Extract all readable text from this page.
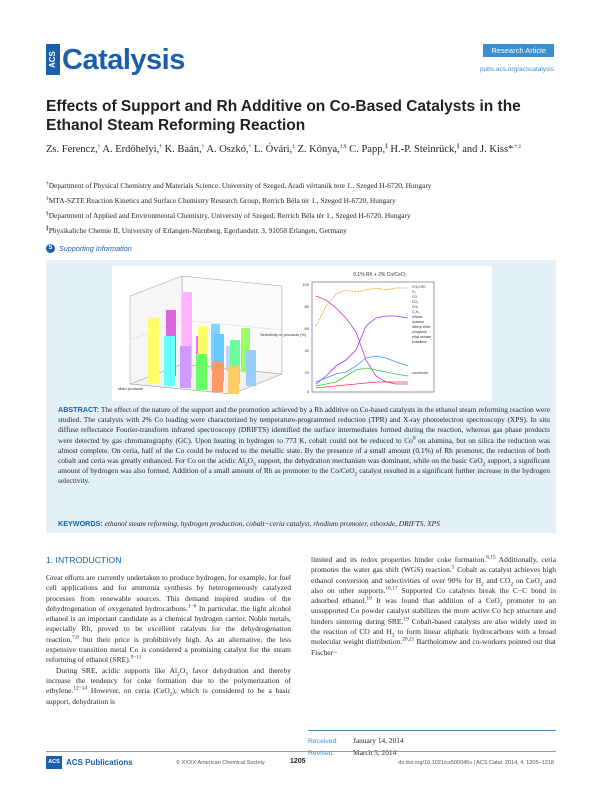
ACS Catalysis	Research Article
pubs.acs.org/acscatalysis
Effects of Support and Rh Additive on Co-Based Catalysts in the Ethanol Steam Reforming Reaction
Zs. Ferencz,† A. Erdőhelyi,† K. Baán,† A. Oszkó,† L. Óvári,‡ Z. Kónya,‡,§ C. Papp,∥ H.-P. Steinrück,∥ and J. Kiss*,†,‡
†Department of Physical Chemistry and Materials Science, University of Szeged, Aradi vértanúk tere 1., Szeged H-6720, Hungary
‡MTA-SZTE Reaction Kinetics and Surface Chemistry Research Group, Rerrich Béla tér 1., Szeged H-6720, Hungary
§Department of Applied and Environmental Chemistry, University of Szeged, Rerrich Béla tér 1., Szeged H-6720, Hungary
∥Physikaliche Chemie II, University of Erlangen-Nürnberg, Egerlandstr. 3, 91058 Erlangen, Germany
S Supporting Information
Selectivity of products (%)
Main products
0.1% Rh + 2% Co/CeO₂
100
80
60
40
20
0
CH₃CHO
H₂
CO
CO₂
CH₄
C₂H₄
ethane
acetone
diethyl ether
propylene
ethyl acetate
butadiene
conversion
ABSTRACT: The effect of the nature of the support and the promotion achieved by a Rh additive on Co-based catalysts in the ethanol steam reforming reaction were studied. The catalysts with 2% Co loading were characterized by temperature-programmed reduction (TPR) and X-ray photoelectron spectroscopy (XPS). In situ diffuse reflectance Fourier-transform infrared spectroscopy (DRIFTS) identified the surface intermediates formed during the reaction, whereas gas phase products were detected by gas chromatography (GC). Upon heating in hydrogen to 773 K, cobalt could not be reduced to Co$^0$ on alumina, but on silica the reduction was almost complete. On ceria, half of the Co could be reduced to the metallic state. By the presence of a small amount (0.1%) of Rh promoter, the reduction of both cobalt and ceria was greatly enhanced. For Co on the acidic $Al_2O_3$ support, the dehydration mechanism was dominant, while on the basic CeO$_2$ support, a significant amount of hydrogen was also formed. Addition of a small amount of Rh as promoter to the Co/CeO$_2$ catalyst resulted in a significant further increase in the hydrogen selectivity.
KEYWORDS: ethanol steam reforming, hydrogen production, cobalt−ceria catalyst, rhodium promoter, ethoxide, DRIFTS, XPS
1. INTRODUCTION

Great efforts are currently undertaken to produce hydrogen, for example, for fuel cell applications and for ammonia synthesis by heterogeneously catalyzed processes from renewable sources. This demand inspired studies of the dehydrogenation of oxygenated hydrocarbons.$^{1-6}$ In particular, the light alcohol ethanol is an important candidate as a chemical hydrogen carrier. Noble metals, especially Rh, proved to be excellent catalysts for the dehydrogenation reaction,$^{7,8}$ but their price is prohibitively high. As an alternative, the less expensive transition metal Co is considered a promising catalyst for the steam reforming of ethanol (SRE).$^{9-11}$

During SRE, acidic supports like $Al_2O_3$ favor dehydration and thereby increase the tendency for coke formation due to the polymerization of ethylene.$^{12-14}$ However, on ceria (CeO$_2$), which is considered to be a basic support, dehydration is

limited and its redox properties hinder coke formation.$^{6,15}$ Additionally, ceria promotes the water gas shift (WGS) reaction.$^5$ Cobalt as catalyst achieves high ethanol conversion and selectivities of over 90% for $H_2$ and $CO_2$ on CeO$_2$ and also on other supports.$^{16,17}$ Supported Co catalysts break the C−C bond in adsorbed ethanol.$^{18}$ It was found that addition of a CeO$_2$ promoter to an unsupported Co powder catalyst stabilizes the more active Co hcp structure and hinders sintering during SRE.$^{19}$ Cobalt-based catalysts are also widely used in the reaction of CO and $H_2$ to form linear aliphatic hydrocarbons with a broad molecular weight distribution.$^{20,21}$ Bartholomew and co-workers pointed out that Fischer−

Received: January 14, 2014
Revised:	March 5, 2014
ACS ACS Publications	© XXXX American Chemical Society	1205	dx.doi.org/10.1021/cs500045s | ACS Catal. 2014, 4, 1205−1218
